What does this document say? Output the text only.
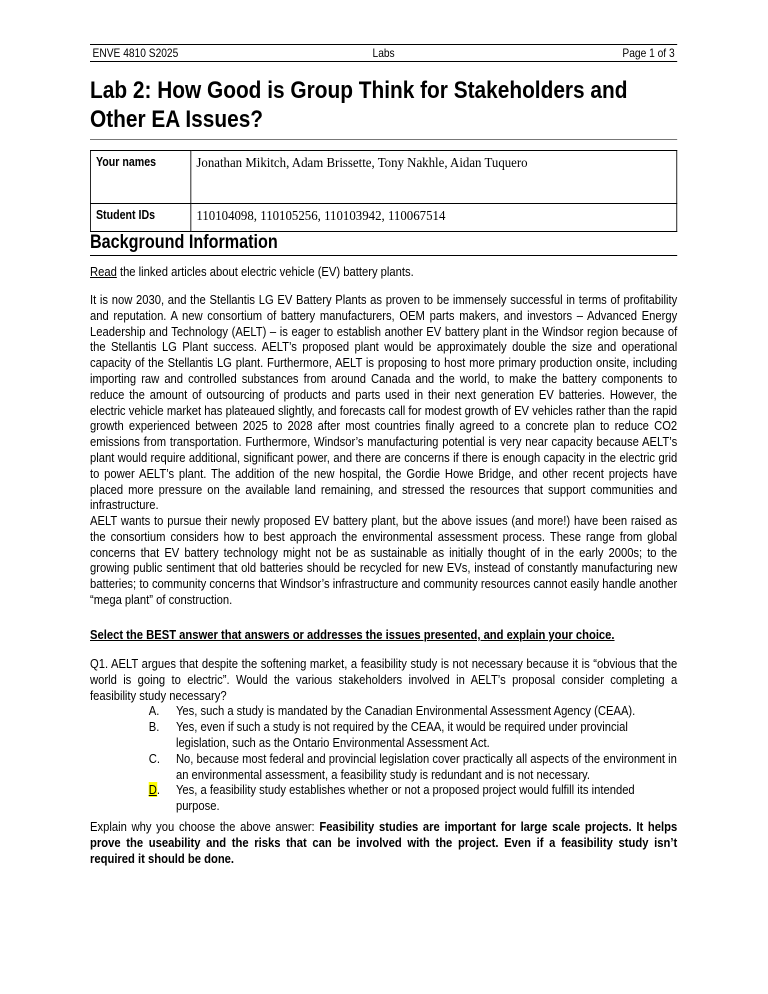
ENVE 4810 S2025	Labs	Page 1 of 3
Lab 2: How Good is Group Think for Stakeholders and Other EA Issues?
Your names	Jonathan Mikitch, Adam Brissette, Tony Nakhle, Aidan Tuquero

Student IDs	110104098, 110105256, 110103942, 110067514
Background Information
Read the linked articles about electric vehicle (EV) battery plants.
It is now 2030, and the Stellantis LG EV Battery Plants as proven to be immensely successful in terms of profitability and reputation. A new consortium of battery manufacturers, OEM parts makers, and investors – Advanced Energy Leadership and Technology (AELT) – is eager to establish another EV battery plant in the Windsor region because of the Stellantis LG Plant success. AELT’s proposed plant would be approximately double the size and operational capacity of the Stellantis LG plant. Furthermore, AELT is proposing to host more primary production onsite, including importing raw and controlled substances from around Canada and the world, to make the battery components to reduce the amount of outsourcing of products and parts used in their next generation EV batteries. However, the electric vehicle market has plateaued slightly, and forecasts call for modest growth of EV vehicles rather than the rapid growth experienced between 2025 to 2028 after most countries finally agreed to a concrete plan to reduce CO2 emissions from transportation. Furthermore, Windsor’s manufacturing potential is very near capacity because AELT’s plant would require additional, significant power, and there are concerns if there is enough capacity in the electric grid to power AELT’s plant. The addition of the new hospital, the Gordie Howe Bridge, and other recent projects have placed more pressure on the available land remaining, and stressed the resources that support communities and infrastructure.
AELT wants to pursue their newly proposed EV battery plant, but the above issues (and more!) have been raised as the consortium considers how to best approach the environmental assessment process. These range from global concerns that EV battery technology might not be as sustainable as initially thought of in the early 2000s; to the growing public sentiment that old batteries should be recycled for new EVs, instead of constantly manufacturing new batteries; to community concerns that Windsor’s infrastructure and community resources cannot easily handle another “mega plant” of construction.
Select the BEST answer that answers or addresses the issues presented, and explain your choice.
Q1. AELT argues that despite the softening market, a feasibility study is not necessary because it is “obvious that the world is going to electric”. Would the various stakeholders involved in AELT’s proposal consider completing a feasibility study necessary?
A. Yes, such a study is mandated by the Canadian Environmental Assessment Agency (CEAA).
B. Yes, even if such a study is not required by the CEAA, it would be required under provincial legislation, such as the Ontario Environmental Assessment Act.
C. No, because most federal and provincial legislation cover practically all aspects of the environment in an environmental assessment, a feasibility study is redundant and is not necessary.
D. Yes, a feasibility study establishes whether or not a proposed project would fulfill its intended purpose.
Explain why you choose the above answer: Feasibility studies are important for large scale projects. It helps prove the useability and the risks that can be involved with the project. Even if a feasibility study isn’t required it should be done.
